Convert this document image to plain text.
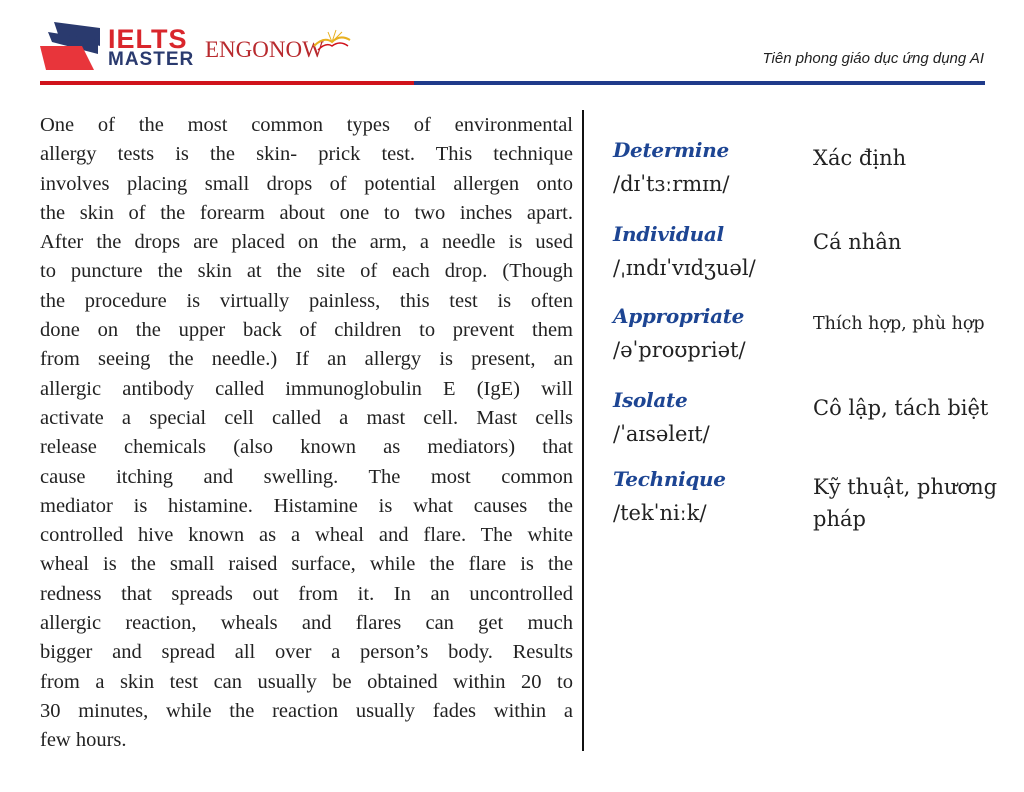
IELTS
MASTER ENGONOW	Tiên phong giáo dục ứng dụng AI
One of the most common types of environmental
allergy tests is the skin- prick test. This technique
involves placing small drops of potential allergen onto
the skin of the forearm about one to two inches apart.
After the drops are placed on the arm, a needle is used
to puncture the skin at the site of each drop. (Though
the procedure is virtually painless, this test is often
done on the upper back of children to prevent them
from seeing the needle.) If an allergy is present, an
allergic antibody called immunoglobulin E (IgE) will
activate a special cell called a mast cell. Mast cells
release chemicals (also known as mediators) that
cause itching and swelling. The most common
mediator is histamine. Histamine is what causes the
controlled hive known as a wheal and flare. The white
wheal is the small raised surface, while the flare is the
redness that spreads out from it. In an uncontrolled
allergic reaction, wheals and flares can get much
bigger and spread all over a person’s body. Results
from a skin test can usually be obtained within 20 to
30 minutes, while the reaction usually fades within a
few hours.
Determine
/dɪˈtɜːrmɪn/
Xác định
Individual
/ˌɪndɪˈvɪdʒuəl/
Cá nhân
Appropriate
/əˈproʊpriət/
Thích hợp, phù hợp
Isolate
/ˈaɪsəleɪt/
Cô lập, tách biệt
Technique
/tekˈniːk/
Kỹ thuật, phương pháp
